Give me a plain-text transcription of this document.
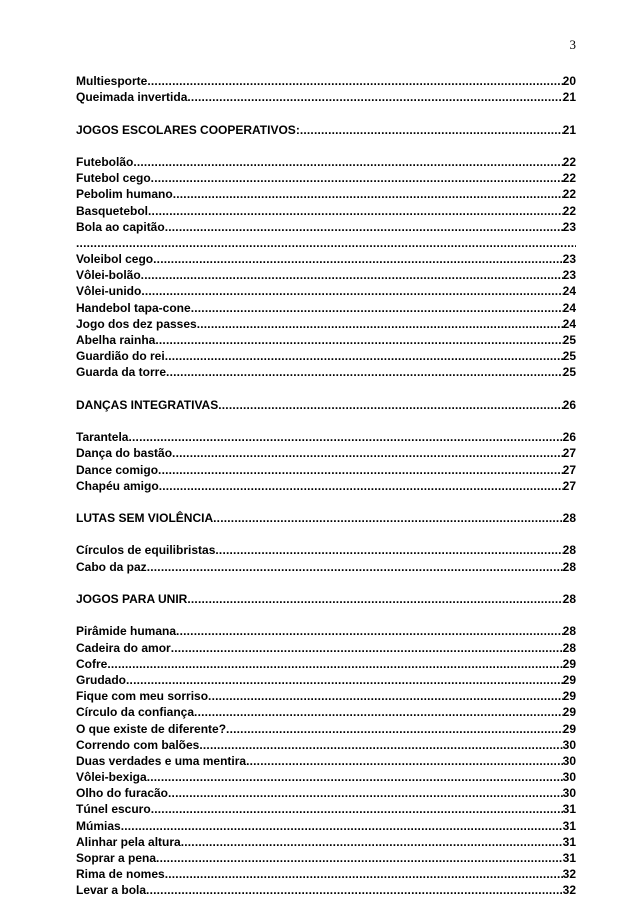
3
Multiesporte .....	20
Queimada invertida .....	21
JOGOS ESCOLARES COOPERATIVOS: .....	21
Futebolão .....	22
Futebol cego .....	22
Pebolim humano .....	22
Basquetebol .....	22
Bola ao capitão .....	23
.....
Voleibol cego .....	23
Vôlei-bolão .....	23
Vôlei-unido .....	24
Handebol tapa-cone .....	24
Jogo dos dez passes .....	24
Abelha rainha .....	25
Guardião do rei .....	25
Guarda da torre .....	25
DANÇAS INTEGRATIVAS .....	26
Tarantela .....	26
Dança do bastão .....	27
Dance comigo .....	27
Chapéu amigo .....	27
LUTAS SEM VIOLÊNCIA .....	28
Círculos de equilibristas .....	28
Cabo da paz .....	28
JOGOS PARA UNIR .....	28
Pirâmide humana .....	28
Cadeira do amor .....	28
Cofre .....	29
Grudado .....	29
Fique com meu sorriso .....	29
Círculo da confiança .....	29
O que existe de diferente? .....	29
Correndo com balões .....	30
Duas verdades e uma mentira .....	30
Vôlei-bexiga .....	30
Olho do furacão .....	30
Túnel escuro .....	31
Múmias .....	31
Alinhar pela altura .....	31
Soprar a pena .....	31
Rima de nomes .....	32
Levar a bola .....	32
